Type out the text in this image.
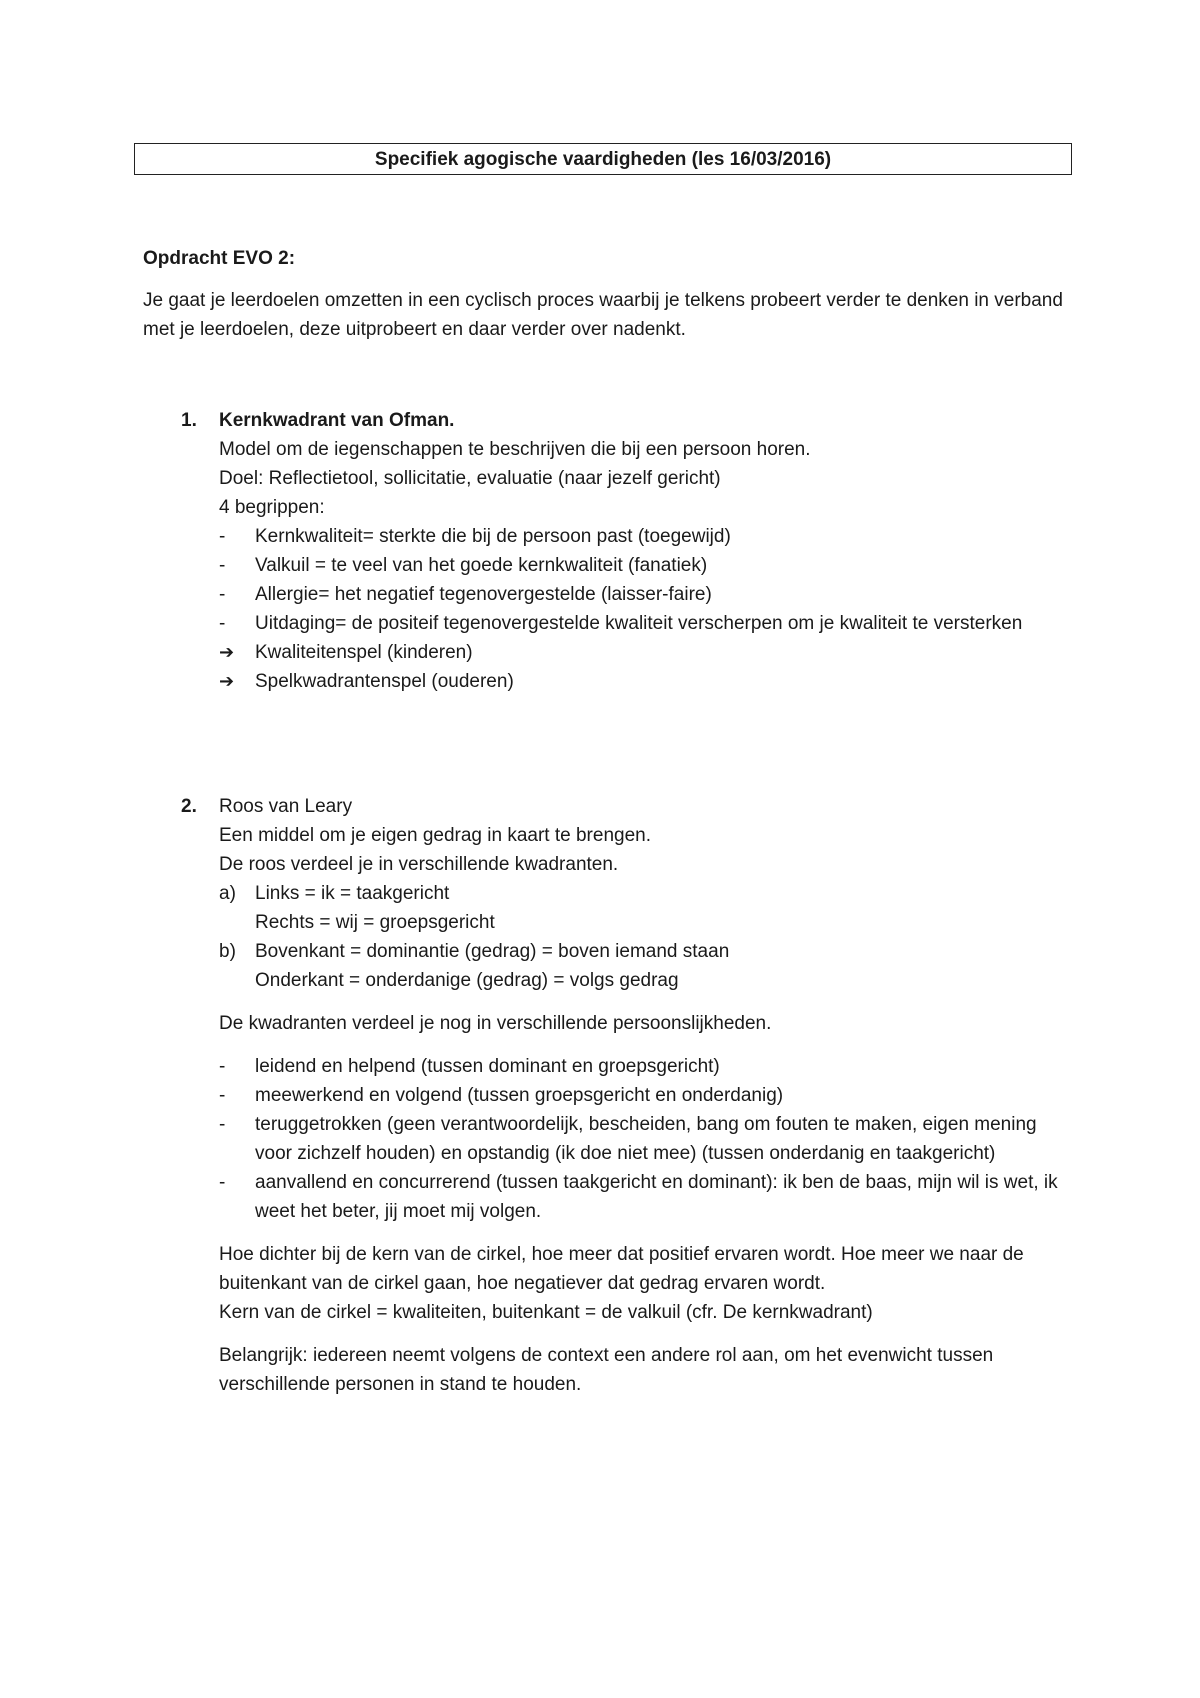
Specifiek agogische vaardigheden (les 16/03/2016)
Opdracht EVO 2:
Je gaat je leerdoelen omzetten in een cyclisch proces waarbij je telkens probeert verder te denken in verband met je leerdoelen, deze uitprobeert en daar verder over nadenkt.
1.	Kernkwadrant van Ofman.
Model om de iegenschappen te beschrijven die bij een persoon horen.
Doel: Reflectietool, sollicitatie, evaluatie (naar jezelf gericht)
4 begrippen:
-	Kernkwaliteit= sterkte die bij de persoon past (toegewijd)
-	Valkuil = te veel van het goede kernkwaliteit (fanatiek)
-	Allergie= het negatief tegenovergestelde (laisser-faire)
-	Uitdaging= de positeif tegenovergestelde kwaliteit verscherpen om je kwaliteit te versterken
➔	Kwaliteitenspel (kinderen)
➔	Spelkwadrantenspel (ouderen)
2.	Roos van Leary
Een middel om je eigen gedrag in kaart te brengen.
De roos verdeel je in verschillende kwadranten.
a)	Links = ik = taakgericht
Rechts = wij = groepsgericht
b)	Bovenkant = dominantie (gedrag) = boven iemand staan
Onderkant = onderdanige (gedrag) = volgs gedrag
De kwadranten verdeel je nog in verschillende persoonslijkheden.
-	leidend en helpend (tussen dominant en groepsgericht)
-	meewerkend en volgend (tussen groepsgericht en onderdanig)
-	teruggetrokken (geen verantwoordelijk, bescheiden, bang om fouten te maken, eigen mening voor zichzelf houden) en opstandig (ik doe niet mee) (tussen onderdanig en taakgericht)
-	aanvallend en concurrerend (tussen taakgericht en dominant): ik ben de baas, mijn wil is wet, ik weet het beter, jij moet mij volgen.
Hoe dichter bij de kern van de cirkel, hoe meer dat positief ervaren wordt. Hoe meer we naar de buitenkant van de cirkel gaan, hoe negatiever dat gedrag ervaren wordt.
Kern van de cirkel = kwaliteiten, buitenkant = de valkuil (cfr. De kernkwadrant)
Belangrijk: iedereen neemt volgens de context een andere rol aan, om het evenwicht tussen verschillende personen in stand te houden.
